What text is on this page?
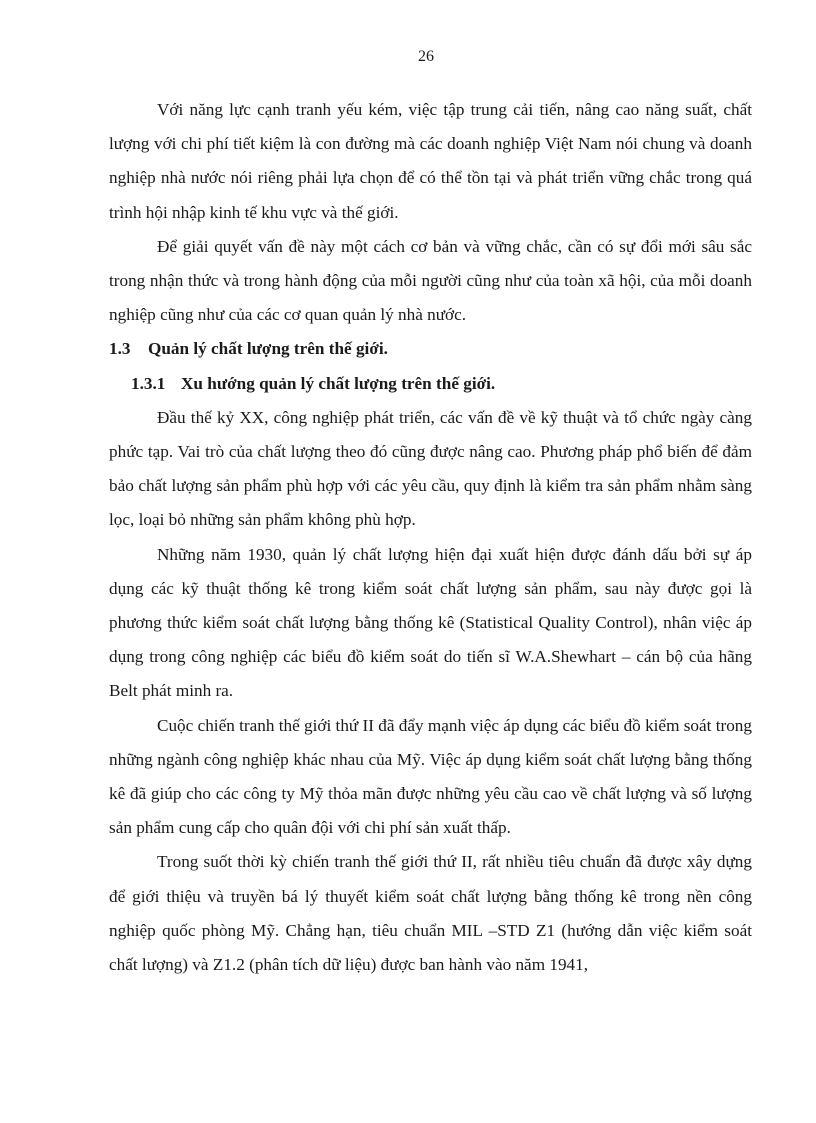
26

Với năng lực cạnh tranh yếu kém, việc tập trung cải tiến, nâng cao năng suất, chất lượng với chi phí tiết kiệm là con đường mà các doanh nghiệp Việt Nam nói chung và doanh nghiệp nhà nước nói riêng phải lựa chọn để có thể tồn tại và phát triển vững chắc trong quá trình hội nhập kinh tế khu vực và thế giới.

Để giải quyết vấn đề này một cách cơ bản và vững chắc, cần có sự đổi mới sâu sắc trong nhận thức và trong hành động của mỗi người cũng như của toàn xã hội, của mỗi doanh nghiệp cũng như của các cơ quan quản lý nhà nước.

1.3 Quản lý chất lượng trên thế giới.
1.3.1 Xu hướng quản lý chất lượng trên thế giới.

Đầu thế kỷ XX, công nghiệp phát triển, các vấn đề về kỹ thuật và tổ chức ngày càng phức tạp. Vai trò của chất lượng theo đó cũng được nâng cao. Phương pháp phổ biến để đảm bảo chất lượng sản phẩm phù hợp với các yêu cầu, quy định là kiểm tra sản phẩm nhằm sàng lọc, loại bỏ những sản phẩm không phù hợp.

Những năm 1930, quản lý chất lượng hiện đại xuất hiện được đánh dấu bởi sự áp dụng các kỹ thuật thống kê trong kiểm soát chất lượng sản phẩm, sau này được gọi là phương thức kiểm soát chất lượng bằng thống kê (Statistical Quality Control), nhân việc áp dụng trong công nghiệp các biểu đồ kiểm soát do tiến sĩ W.A.Shewhart – cán bộ của hãng Belt phát minh ra.

Cuộc chiến tranh thế giới thứ II đã đẩy mạnh việc áp dụng các biểu đồ kiểm soát trong những ngành công nghiệp khác nhau của Mỹ. Việc áp dụng kiểm soát chất lượng bằng thống kê đã giúp cho các công ty Mỹ thỏa mãn được những yêu cầu cao về chất lượng và số lượng sản phẩm cung cấp cho quân đội với chi phí sản xuất thấp.

Trong suốt thời kỳ chiến tranh thế giới thứ II, rất nhiều tiêu chuẩn đã được xây dựng để giới thiệu và truyền bá lý thuyết kiểm soát chất lượng bằng thống kê trong nền công nghiệp quốc phòng Mỹ. Chẳng hạn, tiêu chuẩn MIL –STD Z1 (hướng dẫn việc kiểm soát chất lượng) và Z1.2 (phân tích dữ liệu) được ban hành vào năm 1941,
